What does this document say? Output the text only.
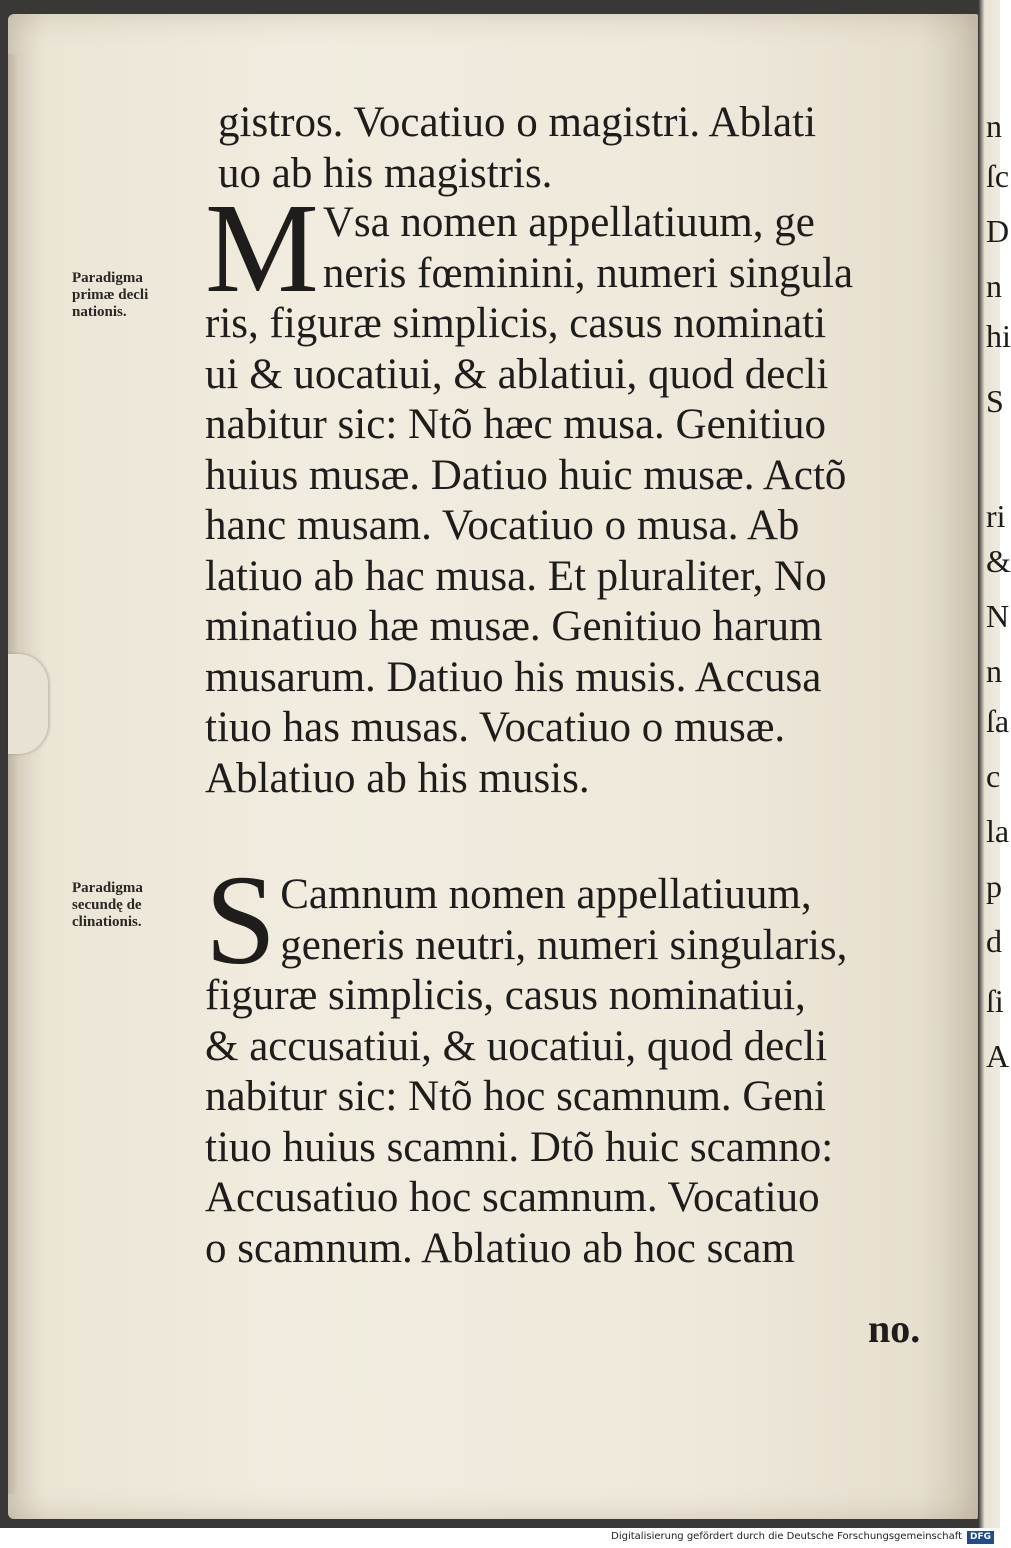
n
ſc
D
n
hi
S
ri
&
N
n
ſa
c
la
p
d
ſi
A
gistros. Vocatiuo o magistri. Ablati
uo ab his magistris.
Paradigma
primæ decli
nationis. M Vsa nomen appellatiuum, ge
neris fœminini, numeri singula
ris, figuræ simplicis, casus nominati
ui & uocatiui, & ablatiui, quod decli
nabitur sic: Ntõ hæc musa. Genitiuo
huius musæ. Datiuo huic musæ. Actõ
hanc musam. Vocatiuo o musa. Ab
latiuo ab hac musa. Et pluraliter, No
minatiuo hæ musæ. Genitiuo harum
musarum. Datiuo his musis. Accusa
tiuo has musas. Vocatiuo o musæ.
Ablatiuo ab his musis.
Paradigma
secundę de
clinationis. S Camnum nomen appellatiuum,
generis neutri, numeri singularis,
figuræ simplicis, casus nominatiui,
& accusatiui, & uocatiui, quod decli
nabitur sic: Ntõ hoc scamnum. Geni
tiuo huius scamni. Dtõ huic scamno:
Accusatiuo hoc scamnum. Vocatiuo
o scamnum. Ablatiuo ab hoc scam
no.
Digitalisierung gefördert durch die Deutsche Forschungsgemeinschaft DFG
